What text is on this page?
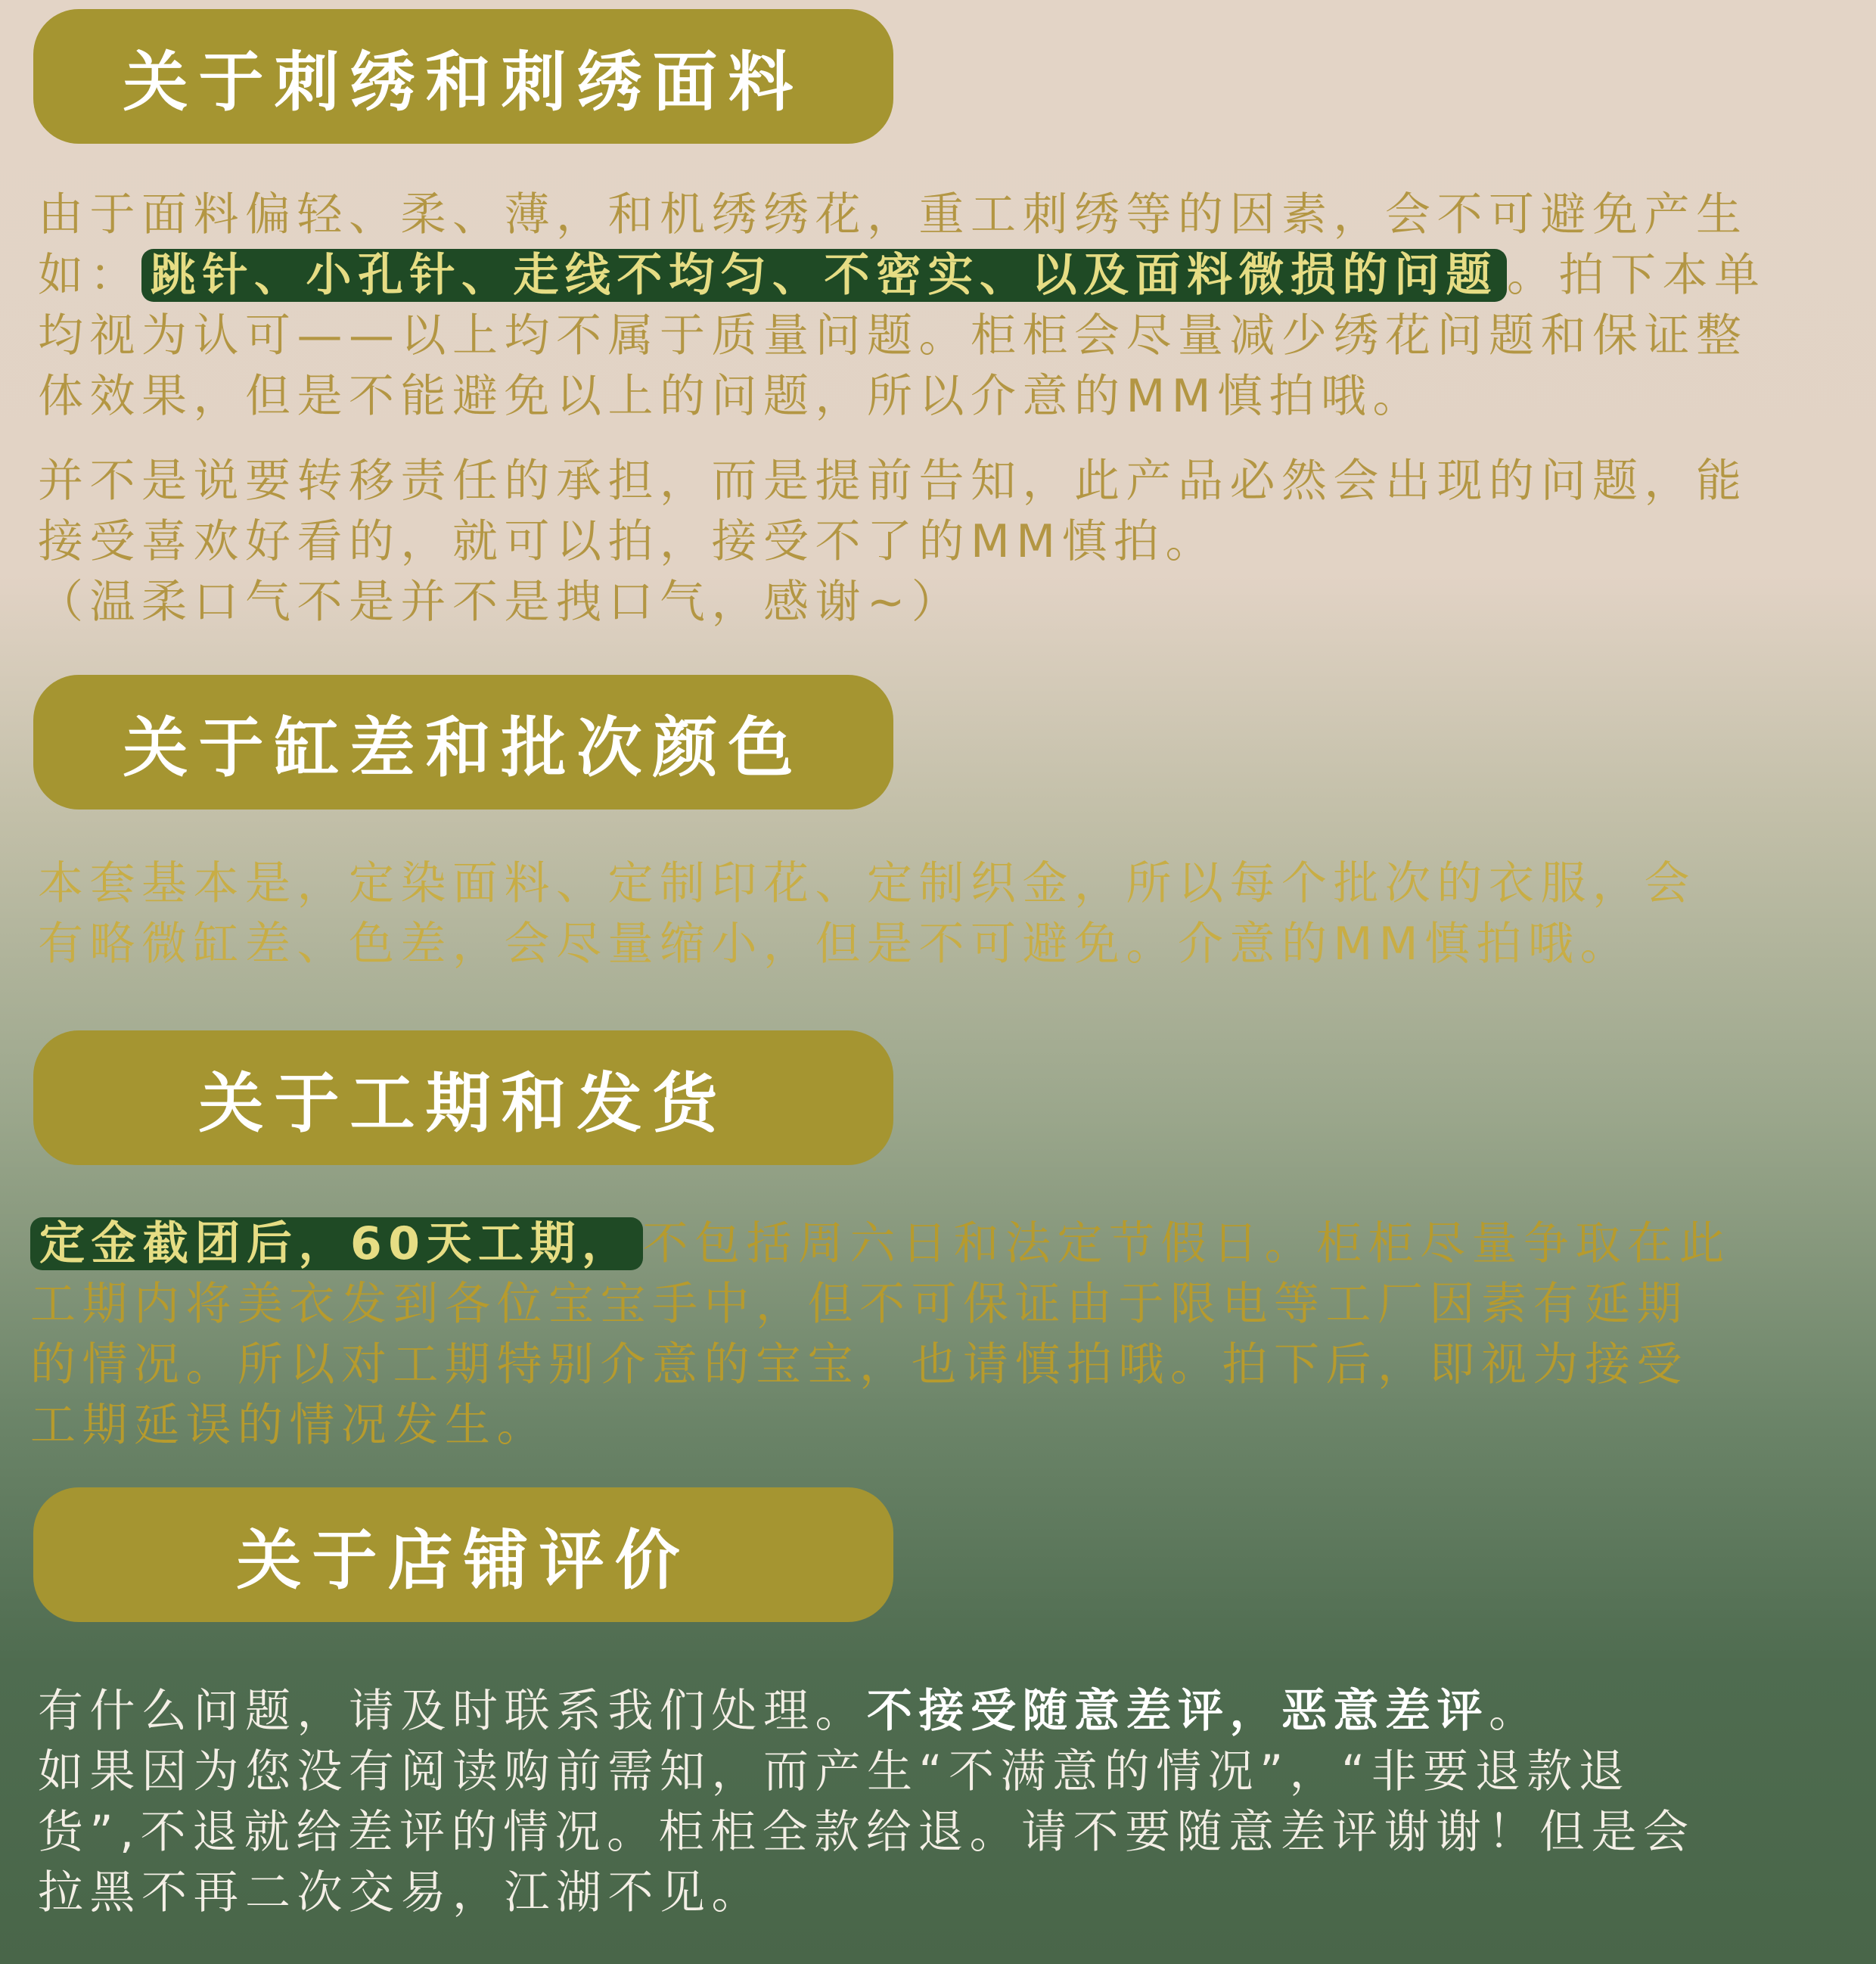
关于刺绣和刺绣面料
由于面料偏轻、柔、薄，和机绣绣花，重工刺绣等的因素，会不可避免产生
如： 跳针、小孔针、走线不均匀、不密实、以及面料微损的问题 。拍下本单
均视为认可——以上均不属于质量问题。柜柜会尽量减少绣花问题和保证整
体效果，但是不能避免以上的问题，所以介意的MM慎拍哦。
并不是说要转移责任的承担，而是提前告知，此产品必然会出现的问题，能
接受喜欢好看的，就可以拍，接受不了的MM慎拍。
（温柔口气不是并不是拽口气，感谢~）
关于缸差和批次颜色
本套基本是，定染面料、定制印花、定制织金，所以每个批次的衣服，会
有略微缸差、色差，会尽量缩小，但是不可避免。介意的MM慎拍哦。
关于工期和发货
定金截团后，60天工期， 不包括周六日和法定节假日。柜柜尽量争取在此
工期内将美衣发到各位宝宝手中，但不可保证由于限电等工厂因素有延期
的情况。所以对工期特别介意的宝宝，也请慎拍哦。拍下后，即视为接受
工期延误的情况发生。
关于店铺评价
有什么问题，请及时联系我们处理。不接受随意差评，恶意差评。
如果因为您没有阅读购前需知，而产生“不满意的情况”，“非要退款退
货”,不退就给差评的情况。柜柜全款给退。请不要随意差评谢谢！但是会
拉黑不再二次交易，江湖不见。
